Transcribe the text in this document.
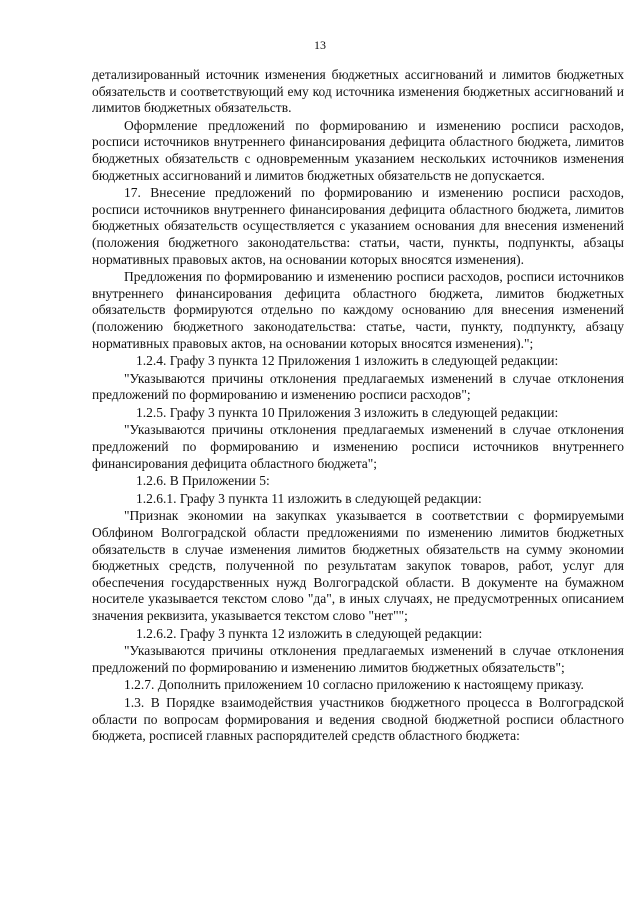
13

детализированный источник изменения бюджетных ассигнований и лимитов бюджетных обязательств и соответствующий ему код источника изменения бюджетных ассигнований и лимитов бюджетных обязательств.

Оформление предложений по формированию и изменению росписи расходов, росписи источников внутреннего финансирования дефицита областного бюджета, лимитов бюджетных обязательств с одновременным указанием нескольких источников изменения бюджетных ассигнований и лимитов бюджетных обязательств не допускается.

17. Внесение предложений по формированию и изменению росписи расходов, росписи источников внутреннего финансирования дефицита областного бюджета, лимитов бюджетных обязательств осуществляется с указанием основания для внесения изменений (положения бюджетного законодательства: статьи, части, пункты, подпункты, абзацы нормативных правовых актов, на основании которых вносятся изменения).

Предложения по формированию и изменению росписи расходов, росписи источников внутреннего финансирования дефицита областного бюджета, лимитов бюджетных обязательств формируются отдельно по каждому основанию для внесения изменений (положению бюджетного законодательства: статье, части, пункту, подпункту, абзацу нормативных правовых актов, на основании которых вносятся изменения).";

1.2.4. Графу 3 пункта 12 Приложения 1 изложить в следующей редакции:

"Указываются причины отклонения предлагаемых изменений в случае отклонения предложений по формированию и изменению росписи расходов";

1.2.5. Графу 3 пункта 10 Приложения 3 изложить в следующей редакции:

"Указываются причины отклонения предлагаемых изменений в случае отклонения предложений по формированию и изменению росписи источников внутреннего финансирования дефицита областного бюджета";

1.2.6. В Приложении 5:

1.2.6.1. Графу 3 пункта 11 изложить в следующей редакции:

"Признак экономии на закупках указывается в соответствии с формируемыми Облфином Волгоградской области предложениями по изменению лимитов бюджетных обязательств в случае изменения лимитов бюджетных обязательств на сумму экономии бюджетных средств, полученной по результатам закупок товаров, работ, услуг для обеспечения государственных нужд Волгоградской области. В документе на бумажном носителе указывается текстом слово "да", в иных случаях, не предусмотренных описанием значения реквизита, указывается текстом слово "нет"";

1.2.6.2. Графу 3 пункта 12 изложить в следующей редакции:

"Указываются причины отклонения предлагаемых изменений в случае отклонения предложений по формированию и изменению лимитов бюджетных обязательств";

1.2.7. Дополнить приложением 10 согласно приложению к настоящему приказу.

1.3. В Порядке взаимодействия участников бюджетного процесса в Волгоградской области по вопросам формирования и ведения сводной бюджетной росписи областного бюджета, росписей главных распорядителей средств областного бюджета:
